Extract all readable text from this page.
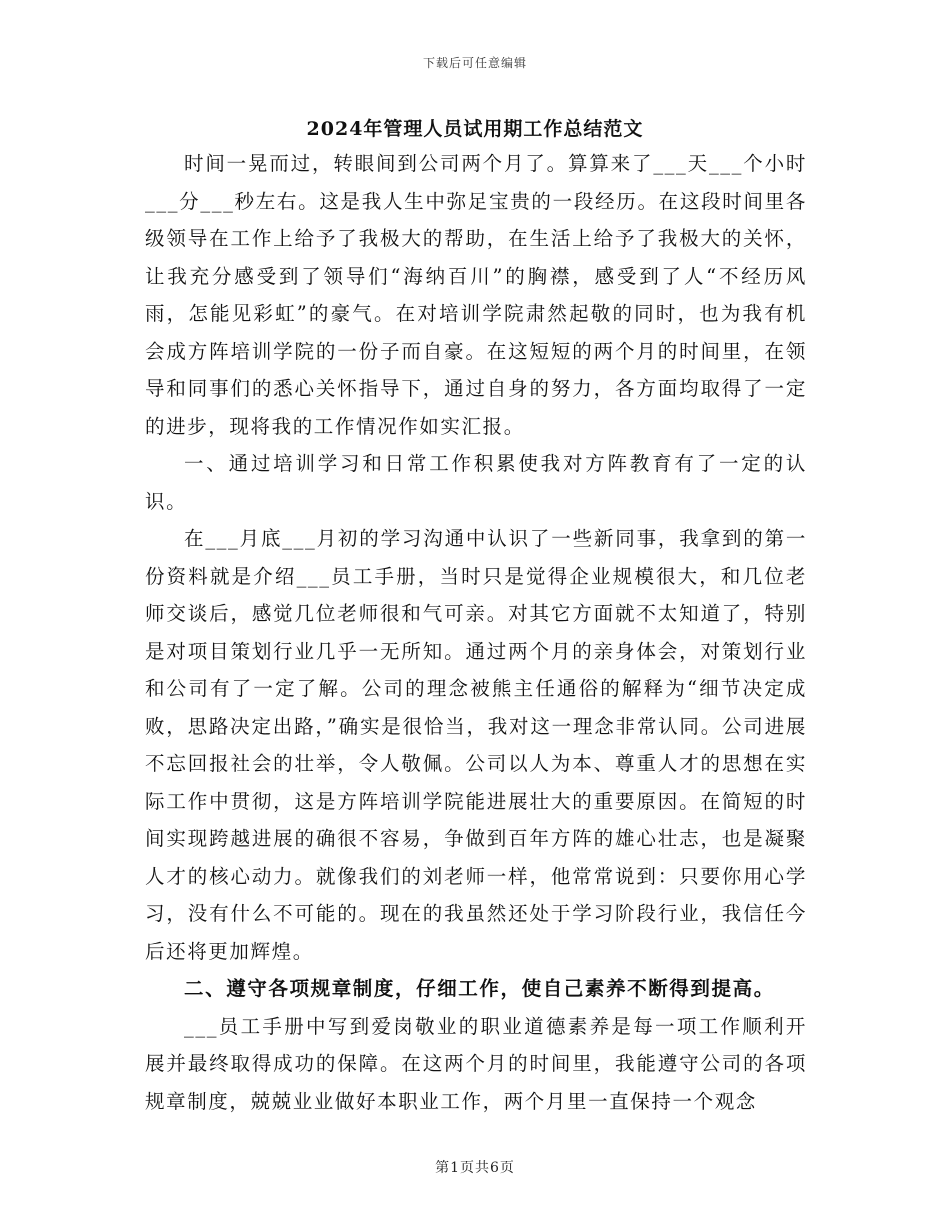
下载后可任意编辑
2024年管理人员试用期工作总结范文

时间一晃而过，转眼间到公司两个月了。算算来了___天___个小时___分___秒左右。这是我人生中弥足宝贵的一段经历。在这段时间里各级领导在工作上给予了我极大的帮助，在生活上给予了我极大的关怀，让我充分感受到了领导们“海纳百川”的胸襟，感受到了人“不经历风雨，怎能见彩虹”的豪气。在对培训学院肃然起敬的同时，也为我有机会成方阵培训学院的一份子而自豪。在这短短的两个月的时间里，在领导和同事们的悉心关怀指导下，通过自身的努力，各方面均取得了一定的进步，现将我的工作情况作如实汇报。

一、通过培训学习和日常工作积累使我对方阵教育有了一定的认识。

在___月底___月初的学习沟通中认识了一些新同事，我拿到的第一份资料就是介绍___员工手册，当时只是觉得企业规模很大，和几位老师交谈后，感觉几位老师很和气可亲。对其它方面就不太知道了，特别是对项目策划行业几乎一无所知。通过两个月的亲身体会，对策划行业和公司有了一定了解。公司的理念被熊主任通俗的解释为“细节决定成败，思路决定出路，”确实是很恰当，我对这一理念非常认同。公司进展不忘回报社会的壮举，令人敬佩。公司以人为本、尊重人才的思想在实际工作中贯彻，这是方阵培训学院能进展壮大的重要原因。在简短的时间实现跨越进展的确很不容易，争做到百年方阵的雄心壮志，也是凝聚人才的核心动力。就像我们的刘老师一样，他常常说到：只要你用心学习，没有什么不可能的。现在的我虽然还处于学习阶段行业，我信任今后还将更加辉煌。

二、遵守各项规章制度，仔细工作，使自己素养不断得到提高。

___员工手册中写到爱岗敬业的职业道德素养是每一项工作顺利开展并最终取得成功的保障。在这两个月的时间里，我能遵守公司的各项规章制度，兢兢业业做好本职业工作，两个月里一直保持一个观念

第1页共6页
